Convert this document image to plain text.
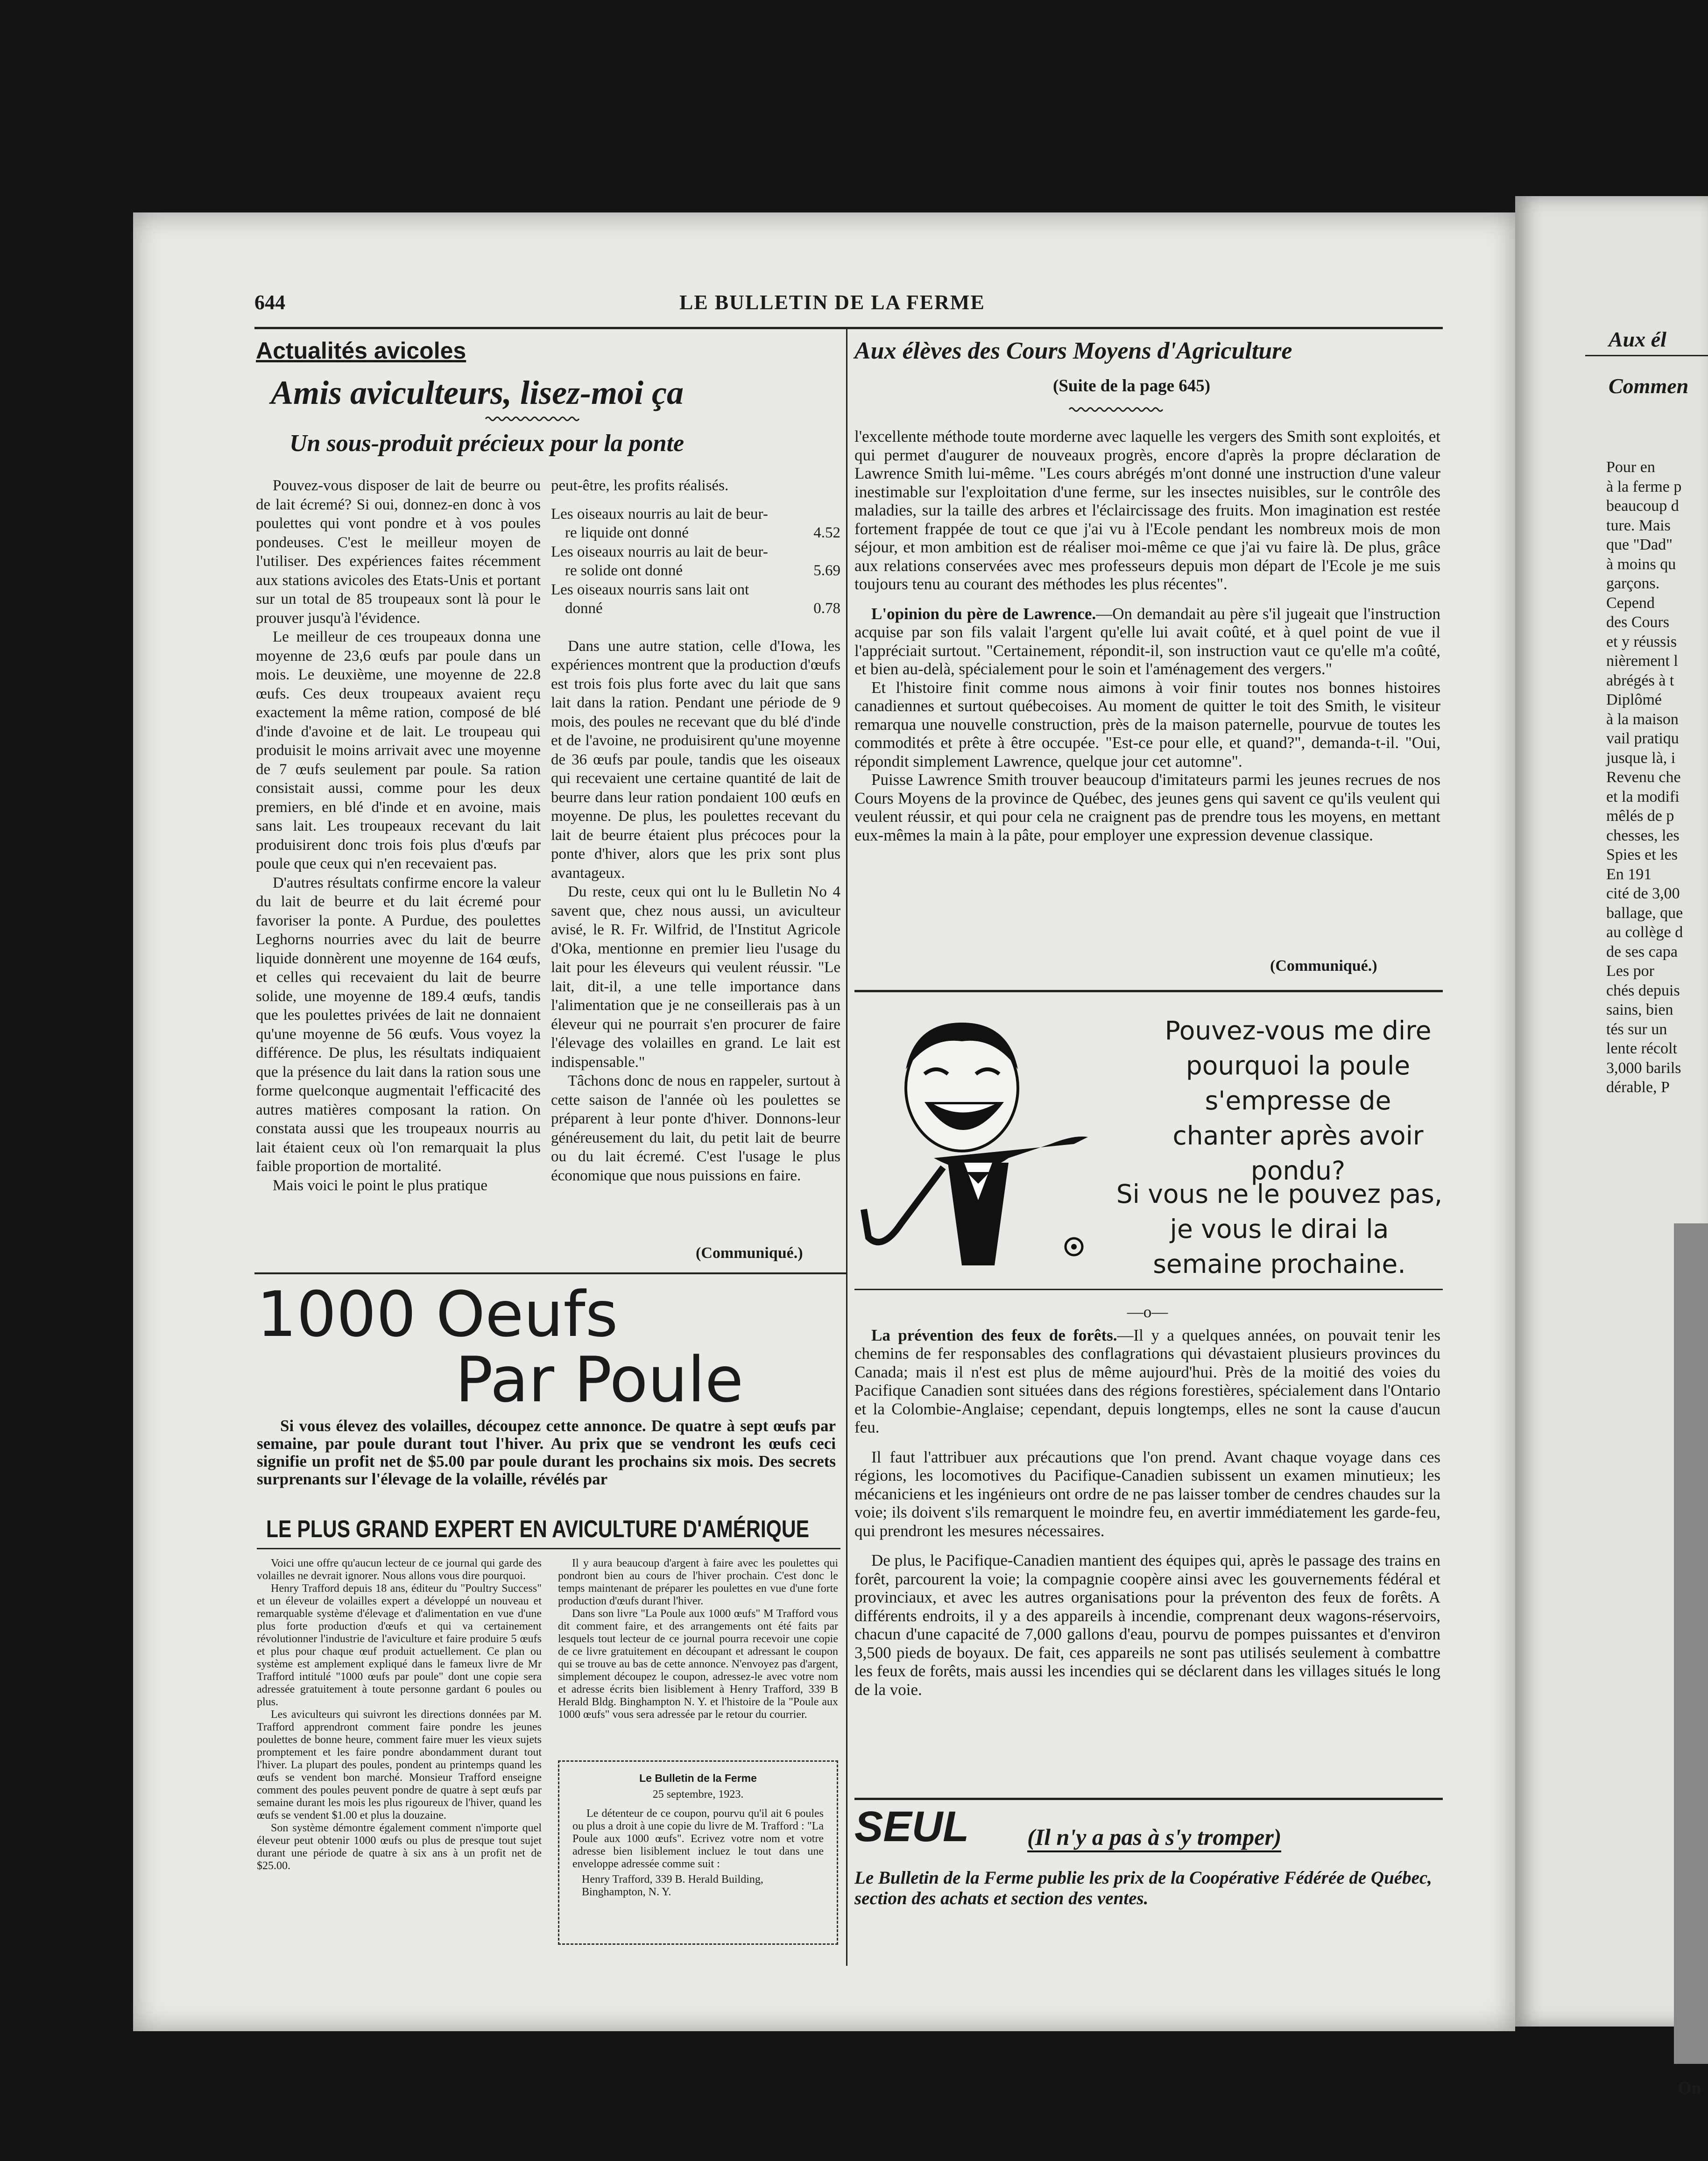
Aux él
Commen
Pour en
à la ferme p
beaucoup d
ture. Mais
que "Dad"
à moins qu
garçons.
Cepend
des Cours
et y réussis
nièrement l
abrégés à t
Diplômé
à la maison
vail pratiqu
jusque là, i
Revenu che
et la modifi
mêlés de p
chesses, les
Spies et les
En 191
cité de 3,00
ballage, que
au collège d
de ses capa
Les por
chés depuis
sains, bien
tés sur un
lente récolt
3,000 barils
dérable, P
On
644	LE BULLETIN DE LA FERME
Actualités avicoles
Amis aviculteurs, lisez-moi ça
Un sous-produit précieux pour la ponte

Pouvez-vous disposer de lait de beurre ou de lait écremé? Si oui, donnez-en donc à vos poulettes qui vont pondre et à vos poules pondeuses. C'est le meilleur moyen de l'utiliser. Des expériences faites récemment aux stations avicoles des Etats-Unis et portant sur un total de 85 troupeaux sont là pour le prouver jusqu'à l'évidence.

Le meilleur de ces troupeaux donna une moyenne de 23,6 œufs par poule dans un mois. Le deuxième, une moyenne de 22.8 œufs. Ces deux troupeaux avaient reçu exactement la même ration, composé de blé d'inde d'avoine et de lait. Le troupeau qui produisit le moins arrivait avec une moyenne de 7 œufs seulement par poule. Sa ration consistait aussi, comme pour les deux premiers, en blé d'inde et en avoine, mais sans lait. Les troupeaux recevant du lait produisirent donc trois fois plus d'œufs par poule que ceux qui n'en recevaient pas.

D'autres résultats confirme encore la valeur du lait de beurre et du lait écremé pour favoriser la ponte. A Purdue, des poulettes Leghorns nourries avec du lait de beurre liquide donnèrent une moyenne de 164 œufs, et celles qui recevaient du lait de beurre solide, une moyenne de 189.4 œufs, tandis que les poulettes privées de lait ne donnaient qu'une moyenne de 56 œufs. Vous voyez la différence. De plus, les résultats indiquaient que la présence du lait dans la ration sous une forme quelconque augmentait l'efficacité des autres matières composant la ration. On constata aussi que les troupeaux nourris au lait étaient ceux où l'on remarquait la plus faible proportion de mortalité.

Mais voici le point le plus pratique

peut-être, les profits réalisés.
Les oiseaux nourris au lait de beur-
re liquide ont donné	4.52
Les oiseaux nourris au lait de beur-
re solide ont donné	5.69
Les oiseaux nourris sans lait ont
donné	0.78

Dans une autre station, celle d'Iowa, les expériences montrent que la production d'œufs est trois fois plus forte avec du lait que sans lait dans la ration. Pendant une période de 9 mois, des poules ne recevant que du blé d'inde et de l'avoine, ne produisirent qu'une moyenne de 36 œufs par poule, tandis que les oiseaux qui recevaient une certaine quantité de lait de beurre dans leur ration pondaient 100 œufs en moyenne. De plus, les poulettes recevant du lait de beurre étaient plus précoces pour la ponte d'hiver, alors que les prix sont plus avantageux.

Du reste, ceux qui ont lu le Bulletin No 4 savent que, chez nous aussi, un aviculteur avisé, le R. Fr. Wilfrid, de l'Institut Agricole d'Oka, mentionne en premier lieu l'usage du lait pour les éleveurs qui veulent réussir. "Le lait, dit-il, a une telle importance dans l'alimentation que je ne conseillerais pas à un éleveur qui ne pourrait s'en procurer de faire l'élevage des volailles en grand. Le lait est indispensable."

Tâchons donc de nous en rappeler, surtout à cette saison de l'année où les poulettes se préparent à leur ponte d'hiver. Donnons-leur généreusement du lait, du petit lait de beurre ou du lait écremé. C'est l'usage le plus économique que nous puissions en faire.

(Communiqué.)
1000 Oeufs
Par Poule
Si vous élevez des volailles, découpez cette annonce. De quatre à sept œufs par semaine, par poule durant tout l'hiver. Au prix que se vendront les œufs ceci signifie un profit net de $5.00 par poule durant les prochains six mois. Des secrets surprenants sur l'élevage de la volaille, révélés par
LE PLUS GRAND EXPERT EN AVICULTURE D'AMÉRIQUE

Voici une offre qu'aucun lecteur de ce journal qui garde des volailles ne devrait ignorer. Nous allons vous dire pourquoi.

Henry Trafford depuis 18 ans, éditeur du "Poultry Success" et un éleveur de volailles expert a développé un nouveau et remarquable système d'élevage et d'alimentation en vue d'une plus forte production d'œufs et qui va certainement révolutionner l'industrie de l'aviculture et faire produire 5 œufs et plus pour chaque œuf produit actuellement. Ce plan ou système est amplement expliqué dans le fameux livre de Mr Trafford intitulé "1000 œufs par poule" dont une copie sera adressée gratuitement à toute personne gardant 6 poules ou plus.

Les aviculteurs qui suivront les directions données par M. Trafford apprendront comment faire pondre les jeunes poulettes de bonne heure, comment faire muer les vieux sujets promptement et les faire pondre abondamment durant tout l'hiver. La plupart des poules, pondent au printemps quand les œufs se vendent bon marché. Monsieur Trafford enseigne comment des poules peuvent pondre de quatre à sept œufs par semaine durant les mois les plus rigoureux de l'hiver, quand les œufs se vendent $1.00 et plus la douzaine.

Son système démontre également comment n'importe quel éleveur peut obtenir 1000 œufs ou plus de presque tout sujet durant une période de quatre à six ans à un profit net de $25.00.

Il y aura beaucoup d'argent à faire avec les poulettes qui pondront bien au cours de l'hiver prochain. C'est donc le temps maintenant de préparer les poulettes en vue d'une forte production d'œufs durant l'hiver.

Dans son livre "La Poule aux 1000 œufs" M Trafford vous dit comment faire, et des arrangements ont été faits par lesquels tout lecteur de ce journal pourra recevoir une copie de ce livre gratuitement en découpant et adressant le coupon qui se trouve au bas de cette annonce. N'envoyez pas d'argent, simplement découpez le coupon, adressez-le avec votre nom et adresse écrits bien lisiblement à Henry Trafford, 339 B Herald Bldg. Binghampton N. Y. et l'histoire de la "Poule aux 1000 œufs" vous sera adressée par le retour du courrier.

Le Bulletin de la Ferme
25 septembre, 1923.
Le détenteur de ce coupon, pourvu qu'il ait 6 poules ou plus a droit à une copie du livre de M. Trafford : "La Poule aux 1000 œufs". Ecrivez votre nom et votre adresse bien lisiblement incluez le tout dans une enveloppe adressée comme suit :
Henry Trafford, 339 B. Herald Building,
Binghampton, N. Y.
Aux élèves des Cours Moyens d'Agriculture
(Suite de la page 645)

l'excellente méthode toute morderne avec laquelle les vergers des Smith sont exploités, et qui permet d'augurer de nouveaux progrès, encore d'après la propre déclaration de Lawrence Smith lui-même. "Les cours abrégés m'ont donné une instruction d'une valeur inestimable sur l'exploitation d'une ferme, sur les insectes nuisibles, sur le contrôle des maladies, sur la taille des arbres et l'éclaircissage des fruits. Mon imagination est restée fortement frappée de tout ce que j'ai vu à l'Ecole pendant les nombreux mois de mon séjour, et mon ambition est de réaliser moi-même ce que j'ai vu faire là. De plus, grâce aux relations conservées avec mes professeurs depuis mon départ de l'Ecole je me suis toujours tenu au courant des méthodes les plus récentes".

L'opinion du père de Lawrence.—On demandait au père s'il jugeait que l'instruction acquise par son fils valait l'argent qu'elle lui avait coûté, et à quel point de vue il l'appréciait surtout. "Certainement, répondit-il, son instruction vaut ce qu'elle m'a coûté, et bien au-delà, spécialement pour le soin et l'aménagement des vergers."

Et l'histoire finit comme nous aimons à voir finir toutes nos bonnes histoires canadiennes et surtout québecoises. Au moment de quitter le toit des Smith, le visiteur remarqua une nouvelle construction, près de la maison paternelle, pourvue de toutes les commodités et prête à être occupée. "Est-ce pour elle, et quand?", demanda-t-il. "Oui, répondit simplement Lawrence, quelque jour cet automne".

Puisse Lawrence Smith trouver beaucoup d'imitateurs parmi les jeunes recrues de nos Cours Moyens de la province de Québec, des jeunes gens qui savent ce qu'ils veulent qui veulent réussir, et qui pour cela ne craignent pas de prendre tous les moyens, en mettant eux-mêmes la main à la pâte, pour employer une expression devenue classique.

(Communiqué.)
Pouvez-vous me dire pourquoi la poule s'empresse de chanter après avoir pondu?
Si vous ne le pouvez pas, je vous le dirai la semaine prochaine.
—o—

La prévention des feux de forêts.—Il y a quelques années, on pouvait tenir les chemins de fer responsables des conflagrations qui dévastaient plusieurs provinces du Canada; mais il n'est est plus de même aujourd'hui. Près de la moitié des voies du Pacifique Canadien sont situées dans des régions forestières, spécialement dans l'Ontario et la Colombie-Anglaise; cependant, depuis longtemps, elles ne sont la cause d'aucun feu.

Il faut l'attribuer aux précautions que l'on prend. Avant chaque voyage dans ces régions, les locomotives du Pacifique-Canadien subissent un examen minutieux; les mécaniciens et les ingénieurs ont ordre de ne pas laisser tomber de cendres chaudes sur la voie; ils doivent s'ils remarquent le moindre feu, en avertir immédiatement les garde-feu, qui prendront les mesures nécessaires.

De plus, le Pacifique-Canadien mantient des équipes qui, après le passage des trains en forêt, parcourent la voie; la compagnie coopère ainsi avec les gouvernements fédéral et provinciaux, et avec les autres organisations pour la préventon des feux de forêts. A différents endroits, il y a des appareils à incendie, comprenant deux wagons-réservoirs, chacun d'une capacité de 7,000 gallons d'eau, pourvu de pompes puissantes et d'environ 3,500 pieds de boyaux. De fait, ces appareils ne sont pas utilisés seulement à combattre les feux de forêts, mais aussi les incendies qui se déclarent dans les villages situés le long de la voie.

SEUL (Il n'y a pas à s'y tromper)
Le Bulletin de la Ferme publie les prix de la Coopérative Fédérée de Québec, section des achats et section des ventes.
